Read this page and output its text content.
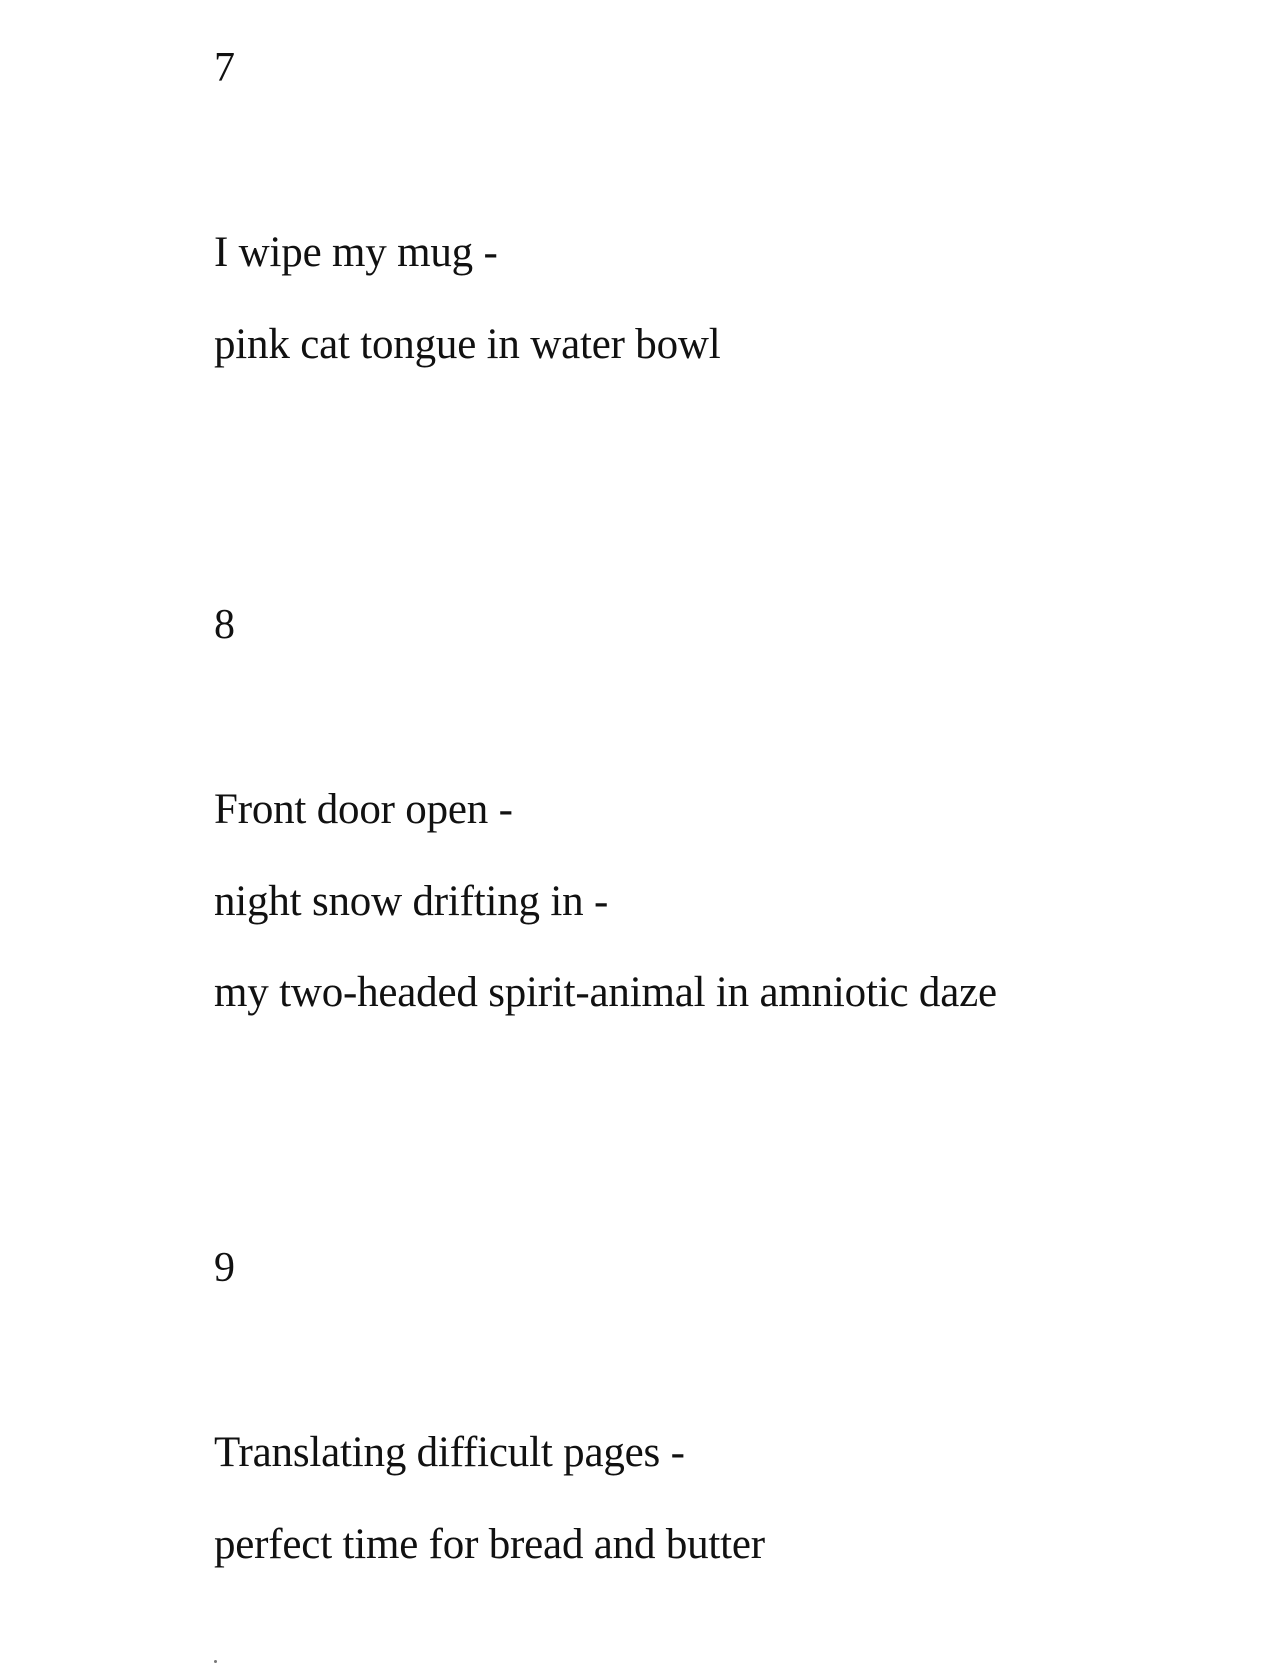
7
I wipe my mug -
pink cat tongue in water bowl
8
Front door open -
night snow drifting in -
my two-headed spirit-animal in amniotic daze
9
Translating difficult pages -
perfect time for bread and butter
